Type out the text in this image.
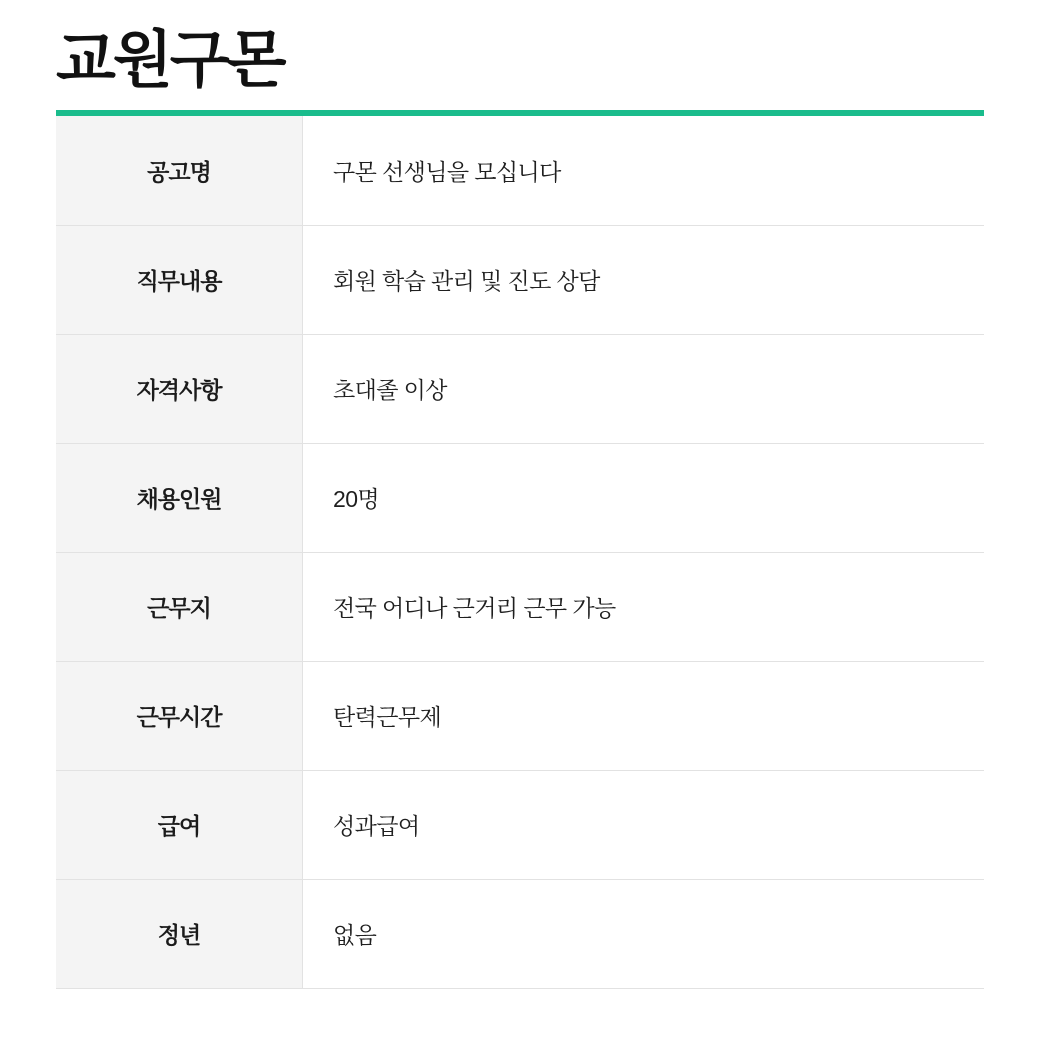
교원구몬
공고명	구몬 선생님을 모십니다
직무내용	회원 학습 관리 및 진도 상담
자격사항	초대졸 이상
채용인원	20명
근무지	전국 어디나 근거리 근무 가능
근무시간	탄력근무제
급여	성과급여
정년	없음
